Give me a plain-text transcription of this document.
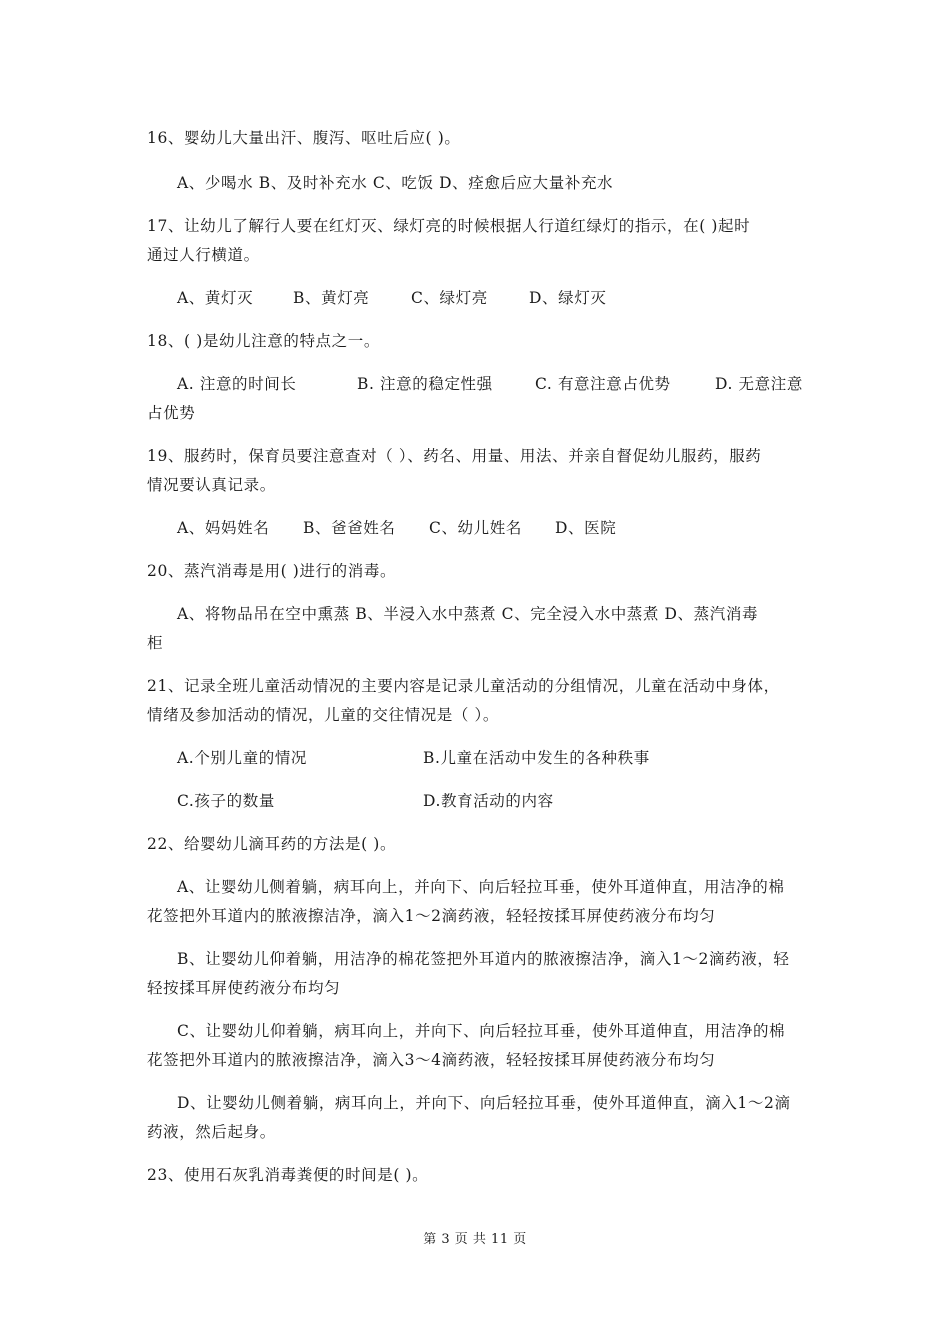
16、婴幼儿大量出汗、腹泻、呕吐后应( )。
A、少喝水 B、及时补充水 C、吃饭 D、痊愈后应大量补充水
17、让幼儿了解行人要在红灯灭、绿灯亮的时候根据人行道红绿灯的指示，在( )起时
通过人行横道。
A、黄灯灭	B、黄灯亮	C、绿灯亮	D、绿灯灭
18、( )是幼儿注意的特点之一。
A. 注意的时间长	B. 注意的稳定性强	C. 有意注意占优势	D. 无意注意
占优势
19、服药时，保育员要注意查对（ ）、药名、用量、用法、并亲自督促幼儿服药，服药
情况要认真记录。
A、妈妈姓名 B、爸爸姓名 C、幼儿姓名 D、医院
20、蒸汽消毒是用( )进行的消毒。
A、将物品吊在空中熏蒸 B、半浸入水中蒸煮 C、完全浸入水中蒸煮 D、蒸汽消毒
柜
21、记录全班儿童活动情况的主要内容是记录儿童活动的分组情况，儿童在活动中身体，
情绪及参加活动的情况，儿童的交往情况是（ ）。
A.个别儿童的情况	B.儿童在活动中发生的各种秩事
C.孩子的数量	D.教育活动的内容
22、给婴幼儿滴耳药的方法是( )。
A、让婴幼儿侧着躺，病耳向上，并向下、向后轻拉耳垂，使外耳道伸直，用洁净的棉
花签把外耳道内的脓液擦洁净，滴入1～2滴药液，轻轻按揉耳屏使药液分布均匀
B、让婴幼儿仰着躺，用洁净的棉花签把外耳道内的脓液擦洁净，滴入1～2滴药液，轻
轻按揉耳屏使药液分布均匀
C、让婴幼儿仰着躺，病耳向上，并向下、向后轻拉耳垂，使外耳道伸直，用洁净的棉
花签把外耳道内的脓液擦洁净，滴入3～4滴药液，轻轻按揉耳屏使药液分布均匀
D、让婴幼儿侧着躺，病耳向上，并向下、向后轻拉耳垂，使外耳道伸直，滴入1～2滴
药液，然后起身。
23、使用石灰乳消毒粪便的时间是( )。
第 3 页 共 11 页
